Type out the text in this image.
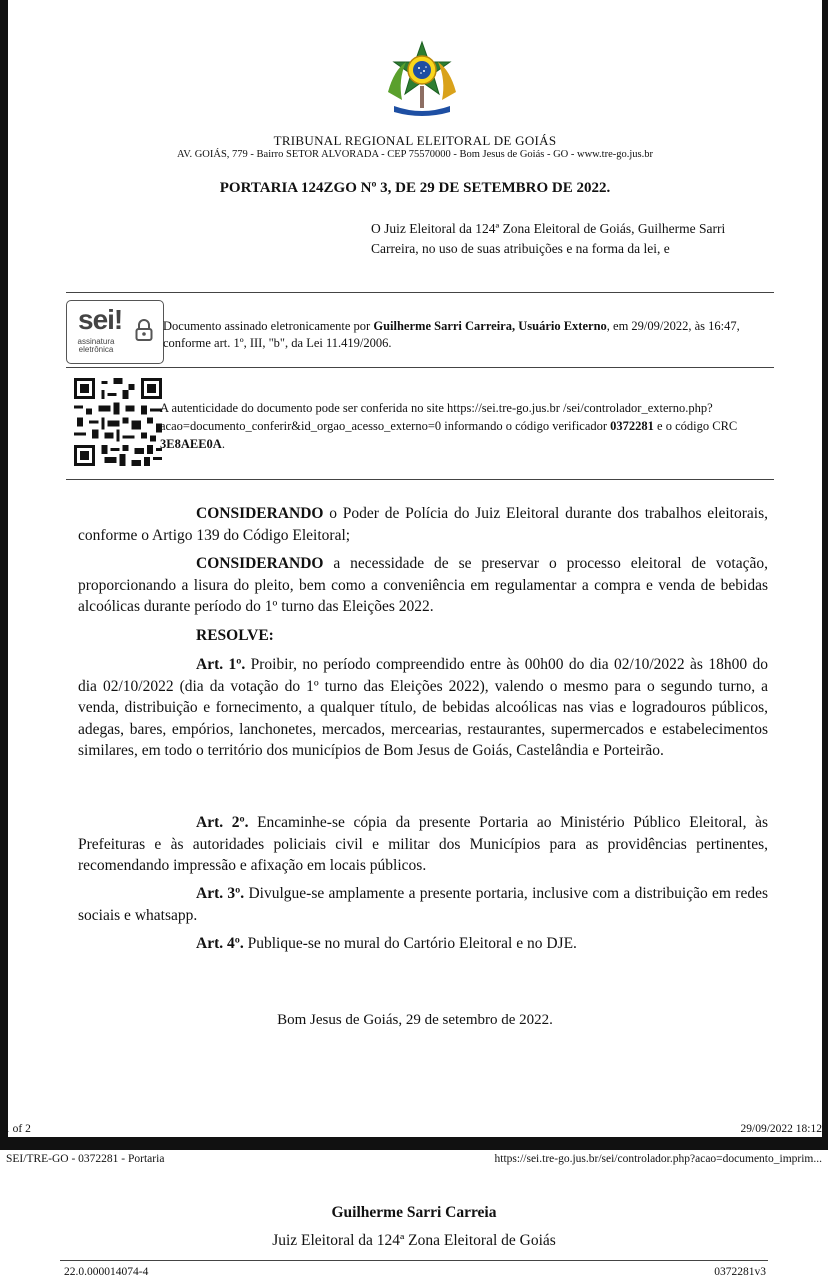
TRIBUNAL REGIONAL ELEITORAL DE GOIÁS
AV. GOIÁS, 779 - Bairro SETOR ALVORADA - CEP 75570000 - Bom Jesus de Goiás - GO - www.tre-go.jus.br
PORTARIA 124ZGO Nº 3, DE 29 DE SETEMBRO DE 2022.
O Juiz Eleitoral da 124ª Zona Eleitoral de Goiás, Guilherme Sarri Carreira, no uso de suas atribuições e na forma da lei, e
sei!
assinatura eletrônica
Documento assinado eletronicamente por Guilherme Sarri Carreira, Usuário Externo, em 29/09/2022, às 16:47, conforme art. 1º, III, "b", da Lei 11.419/2006.
A autenticidade do documento pode ser conferida no site https://sei.tre-go.jus.br /sei/controlador_externo.php?acao=documento_conferir&id_orgao_acesso_externo=0 informando o código verificador 0372281 e o código CRC 3E8AEE0A.
CONSIDERANDO o Poder de Polícia do Juiz Eleitoral durante dos trabalhos eleitorais, conforme o Artigo 139 do Código Eleitoral;
CONSIDERANDO a necessidade de se preservar o processo eleitoral de votação, proporcionando a lisura do pleito, bem como a conveniência em regulamentar a compra e venda de bebidas alcoólicas durante período do 1º turno das Eleições 2022.
RESOLVE:
Art. 1º. Proibir, no período compreendido entre às 00h00 do dia 02/10/2022 às 18h00 do dia 02/10/2022 (dia da votação do 1º turno das Eleições 2022), valendo o mesmo para o segundo turno, a venda, distribuição e fornecimento, a qualquer título, de bebidas alcoólicas nas vias e logradouros públicos, adegas, bares, empórios, lanchonetes, mercados, mercearias, restaurantes, supermercados e estabelecimentos similares, em todo o território dos municípios de Bom Jesus de Goiás, Castelândia e Porteirão.
Art. 2º. Encaminhe-se cópia da presente Portaria ao Ministério Público Eleitoral, às Prefeituras e às autoridades policiais civil e militar dos Municípios para as providências pertinentes, recomendando impressão e afixação em locais públicos.
Art. 3º. Divulgue-se amplamente a presente portaria, inclusive com a distribuição em redes sociais e whatsapp.
Art. 4º. Publique-se no mural do Cartório Eleitoral e no DJE.
Bom Jesus de Goiás, 29 de setembro de 2022.
1 of 2	29/09/2022 18:12
SEI/TRE-GO - 0372281 - Portaria	https://sei.tre-go.jus.br/sei/controlador.php?acao=documento_imprim...
Guilherme Sarri Carreia
Juiz Eleitoral da 124ª Zona Eleitoral de Goiás
22.0.000014074-4	0372281v3
